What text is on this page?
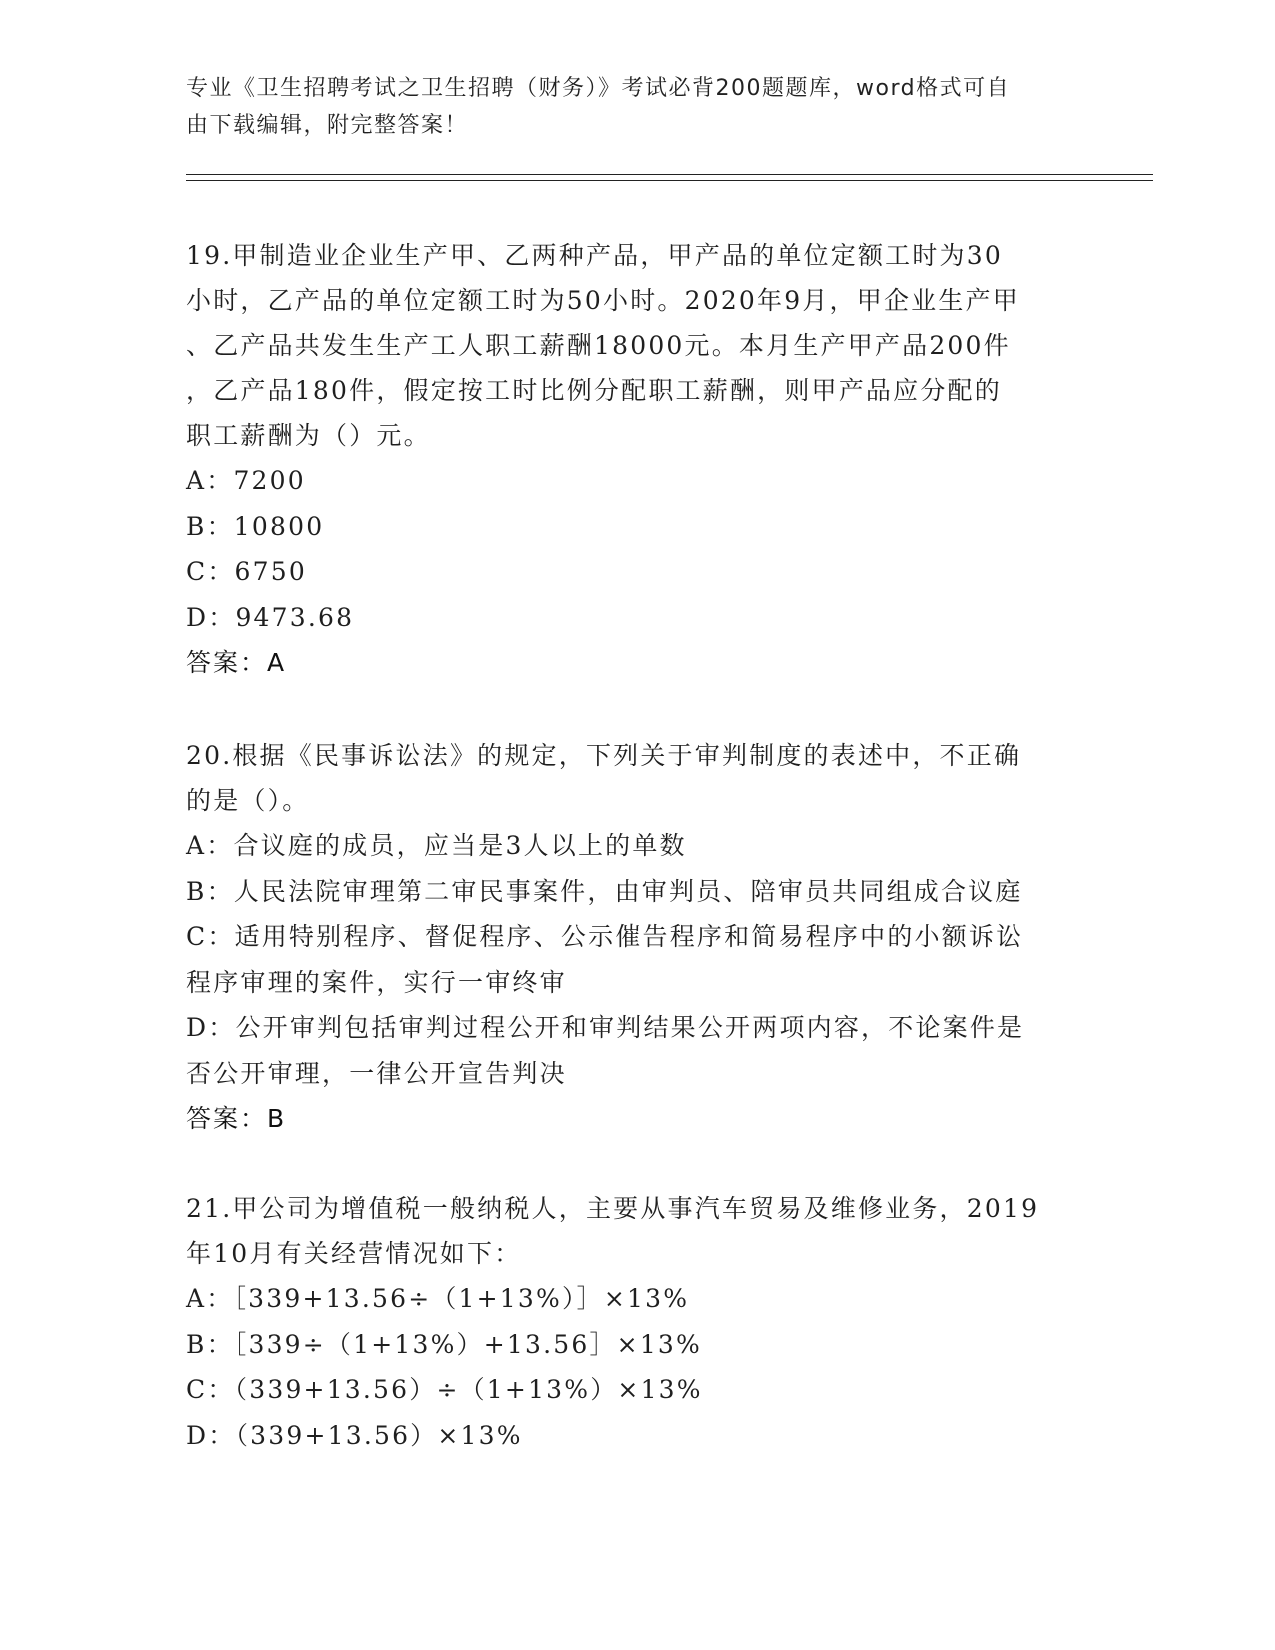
专业《卫生招聘考试之卫生招聘（财务）》考试必背200题题库，word格式可自
由下载编辑，附完整答案！
19.甲制造业企业生产甲、乙两种产品，甲产品的单位定额工时为30
小时，乙产品的单位定额工时为50小时。2020年9月，甲企业生产甲
、乙产品共发生生产工人职工薪酬18000元。本月生产甲产品200件
，乙产品180件，假定按工时比例分配职工薪酬，则甲产品应分配的
职工薪酬为（）元。
A：7200
B：10800
C：6750
D：9473.68
答案：A
20.根据《民事诉讼法》的规定，下列关于审判制度的表述中，不正确
的是（）。
A：合议庭的成员，应当是3人以上的单数
B：人民法院审理第二审民事案件，由审判员、陪审员共同组成合议庭
C：适用特别程序、督促程序、公示催告程序和简易程序中的小额诉讼
程序审理的案件，实行一审终审
D：公开审判包括审判过程公开和审判结果公开两项内容，不论案件是
否公开审理，一律公开宣告判决
答案：B
21.甲公司为增值税一般纳税人，主要从事汽车贸易及维修业务，2019
年10月有关经营情况如下：
A：［339+13.56÷（1+13%）］×13%
B：［339÷（1+13%）+13.56］×13%
C：（339+13.56）÷（1+13%）×13%
D：（339+13.56）×13%
